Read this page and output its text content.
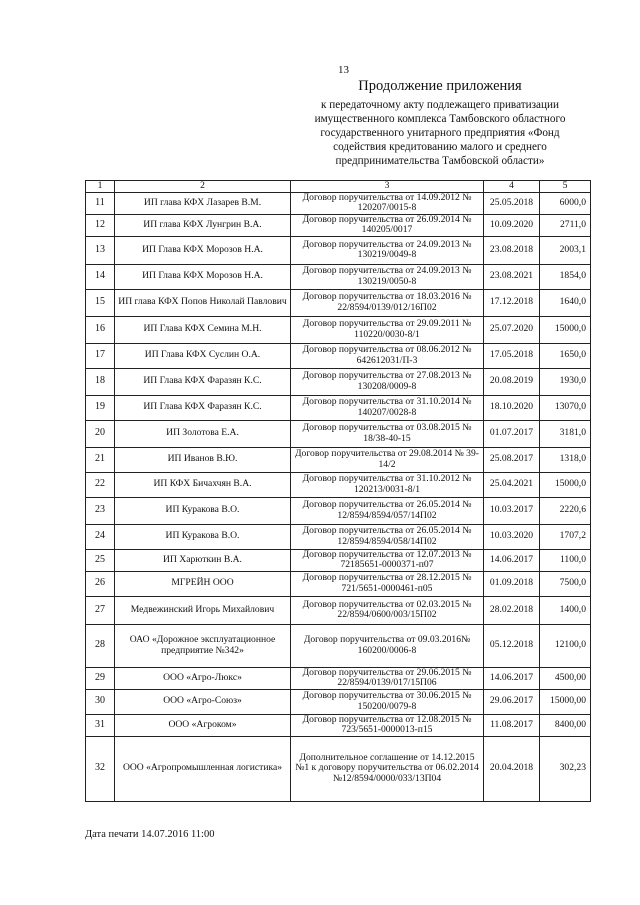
13
Продолжение приложения
к передаточному акту подлежащего приватизации
имущественного комплекса Тамбовского областного
государственного унитарного предприятия «Фонд
содействия кредитованию малого и среднего
предпринимательства Тамбовской области»
1	2	3	4	5
11	ИП глава КФХ Лазарев В.М.	Договор поручительства от 14.09.2012 № 120207/0015-8	25.05.2018	6000,0
12	ИП глава КФХ Лунгрин В.А.	Договор поручительства от 26.09.2014 № 140205/0017	10.09.2020	2711,0
13	ИП Глава КФХ Морозов Н.А.	Договор поручительства от 24.09.2013 № 130219/0049-8	23.08.2018	2003,1
14	ИП Глава КФХ Морозов Н.А.	Договор поручительства от 24.09.2013 № 130219/0050-8	23.08.2021	1854,0
15	ИП глава КФХ Попов Николай Павлович	Договор поручительства от 18.03.2016 № 22/8594/0139/012/16П02	17.12.2018	1640,0
16	ИП Глава КФХ Семина М.Н.	Договор поручительства от 29.09.2011 № 110220/0030-8/1	25.07.2020	15000,0
17	ИП Глава КФХ Суслин О.А.	Договор поручительства от 08.06.2012 № 642612031/П-3	17.05.2018	1650,0
18	ИП Глава КФХ Фаразян К.С.	Договор поручительства от 27.08.2013 № 130208/0009-8	20.08.2019	1930,0
19	ИП Глава КФХ Фаразян К.С.	Договор поручительства от 31.10.2014 № 140207/0028-8	18.10.2020	13070,0
20	ИП Золотова Е.А.	Договор поручительства от 03.08.2015 № 18/38-40-15	01.07.2017	3181,0
21	ИП Иванов В.Ю.	Договор поручительства от 29.08.2014 № 39-14/2	25.08.2017	1318,0
22	ИП КФХ Бичахчян В.А.	Договор поручительства от 31.10.2012 № 120213/0031-8/1	25.04.2021	15000,0
23	ИП Куракова В.О.	Договор поручительства от 26.05.2014 № 12/8594/8594/057/14П02	10.03.2017	2220,6
24	ИП Куракова В.О.	Договор поручительства от 26.05.2014 № 12/8594/8594/058/14П02	10.03.2020	1707,2
25	ИП Харюткин В.А.	Договор поручительства от 12.07.2013 № 72185651-0000371-п07	14.06.2017	1100,0
26	МГРЕЙН ООО	Договор поручительства от 28.12.2015 № 721/5651-0000461-п05	01.09.2018	7500,0
27	Медвежинский Игорь Михайлович	Договор поручительства от 02.03.2015 № 22/8594/0600/003/15П02	28.02.2018	1400,0
28	ОАО «Дорожное эксплуатационное предприятие №342»	Договор поручительства от 09.03.2016№ 160200/0006-8	05.12.2018	12100,0
29	ООО «Агро-Люкс»	Договор поручительства от 29.06.2015 № 22/8594/0139/017/15П06	14.06.2017	4500,00
30	ООО «Агро-Союз»	Договор поручительства от 30.06.2015 № 150200/0079-8	29.06.2017	15000,00
31	ООО «Агроком»	Договор поручительства от 12.08.2015 № 723/5651-0000013-п15	11.08.2017	8400,00
32	ООО «Агропромышленная логистика»	Дополнительное соглашение от 14.12.2015 №1 к договору поручительства от 06.02.2014 №12/8594/0000/033/13П04	20.04.2018	302,23
Дата печати 14.07.2016 11:00
